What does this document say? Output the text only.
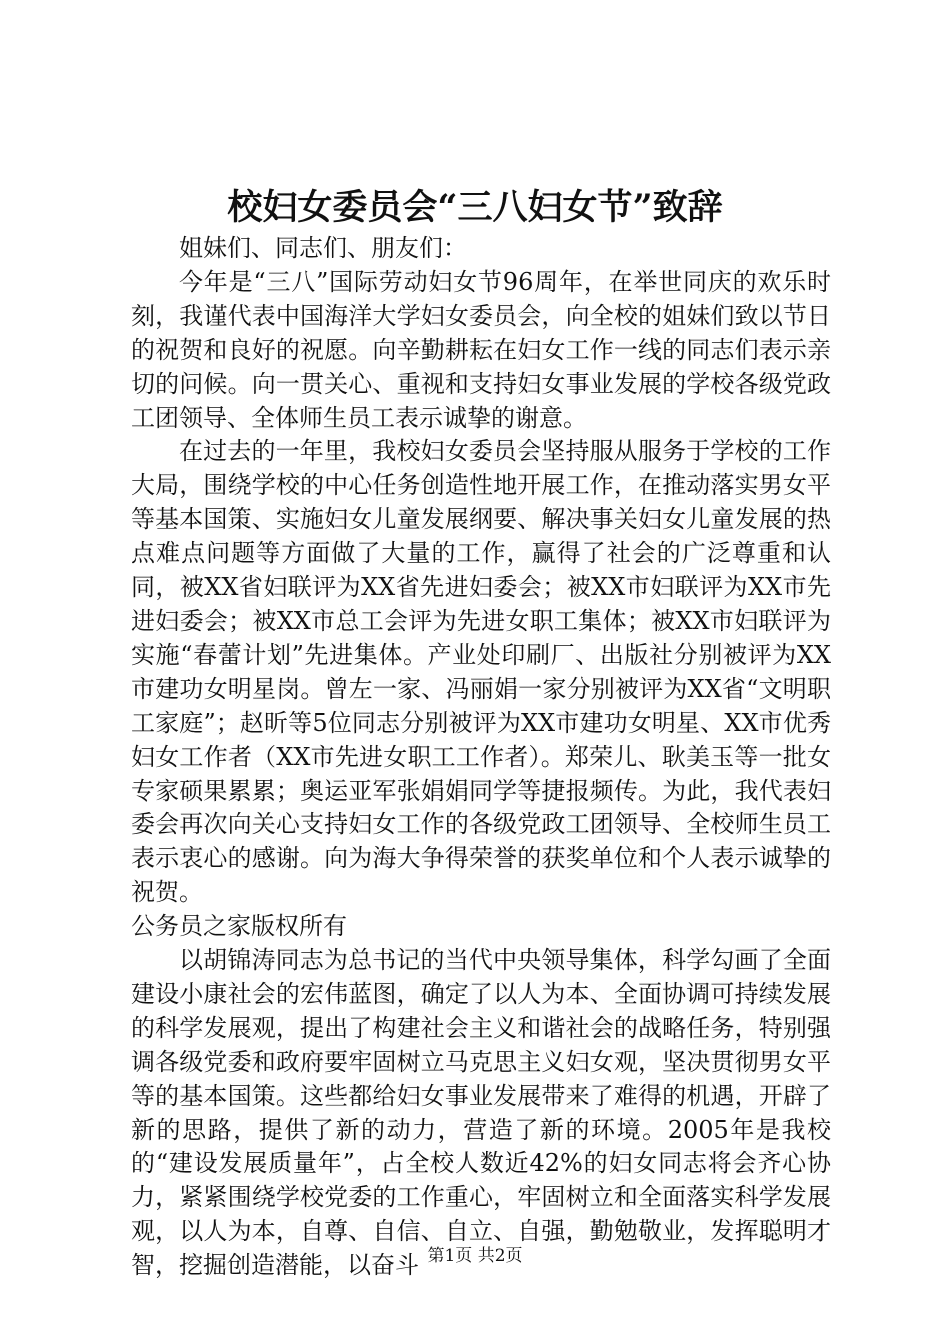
校妇女委员会“三八妇女节”致辞

姐妹们、同志们、朋友们：

今年是“三八”国际劳动妇女节96周年，在举世同庆的欢乐时刻，我谨代表中国海洋大学妇女委员会，向全校的姐妹们致以节日的祝贺和良好的祝愿。向辛勤耕耘在妇女工作一线的同志们表示亲切的问候。向一贯关心、重视和支持妇女事业发展的学校各级党政工团领导、全体师生员工表示诚挚的谢意。

在过去的一年里，我校妇女委员会坚持服从服务于学校的工作大局，围绕学校的中心任务创造性地开展工作，在推动落实男女平等基本国策、实施妇女儿童发展纲要、解决事关妇女儿童发展的热点难点问题等方面做了大量的工作，赢得了社会的广泛尊重和认同，被XX省妇联评为XX省先进妇委会；被XX市妇联评为XX市先进妇委会；被XX市总工会评为先进女职工集体；被XX市妇联评为实施“春蕾计划”先进集体。产业处印刷厂、出版社分别被评为XX市建功女明星岗。曾左一家、冯丽娟一家分别被评为XX省“文明职工家庭”；赵昕等5位同志分别被评为XX市建功女明星、XX市优秀妇女工作者（XX市先进女职工工作者）。郑荣儿、耿美玉等一批女专家硕果累累；奥运亚军张娟娟同学等捷报频传。为此，我代表妇委会再次向关心支持妇女工作的各级党政工团领导、全校师生员工表示衷心的感谢。向为海大争得荣誉的获奖单位和个人表示诚挚的祝贺。

公务员之家版权所有

以胡锦涛同志为总书记的当代中央领导集体，科学勾画了全面建设小康社会的宏伟蓝图，确定了以人为本、全面协调可持续发展的科学发展观，提出了构建社会主义和谐社会的战略任务，特别强调各级党委和政府要牢固树立马克思主义妇女观，坚决贯彻男女平等的基本国策。这些都给妇女事业发展带来了难得的机遇，开辟了新的思路，提供了新的动力，营造了新的环境。2005年是我校的“建设发展质量年”，占全校人数近42%的妇女同志将会齐心协力，紧紧围绕学校党委的工作重心，牢固树立和全面落实科学发展观，以人为本，自尊、自信、自立、自强，勤勉敬业，发挥聪明才智，挖掘创造潜能，以奋斗 第1页 共2页
